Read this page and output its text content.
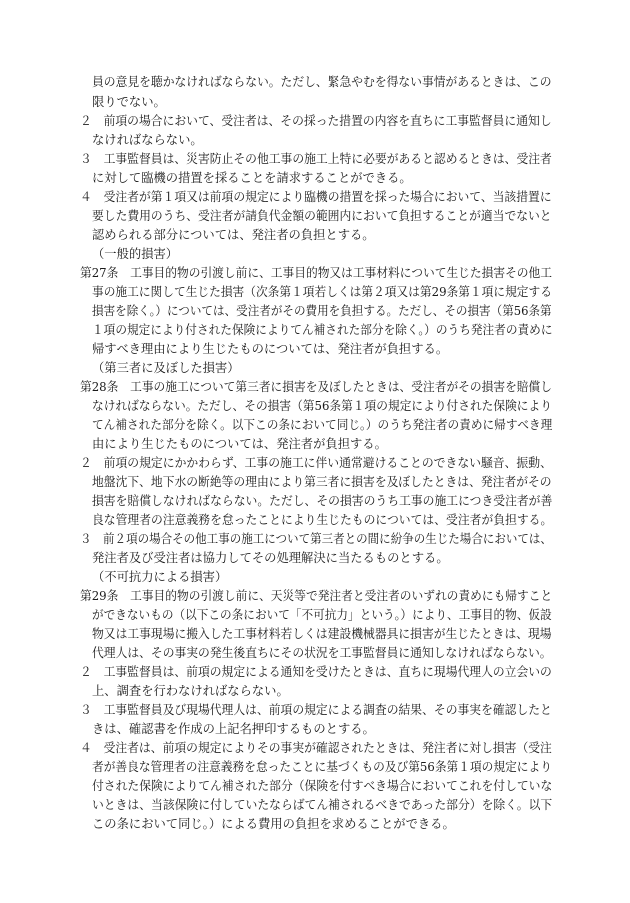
員の意見を聴かなければならない。ただし、緊急やむを得ない事情があるときは、この
限りでない。
２　前項の場合において、受注者は、その採った措置の内容を直ちに工事監督員に通知し
なければならない。
３　工事監督員は、災害防止その他工事の施工上特に必要があると認めるときは、受注者
に対して臨機の措置を採ることを請求することができる。
４　受注者が第１項又は前項の規定により臨機の措置を採った場合において、当該措置に
要した費用のうち、受注者が請負代金額の範囲内において負担することが適当でないと
認められる部分については、発注者の負担とする。
（一般的損害）
第27条　工事目的物の引渡し前に、工事目的物又は工事材料について生じた損害その他工
事の施工に関して生じた損害（次条第１項若しくは第２項又は第29条第１項に規定する
損害を除く。）については、受注者がその費用を負担する。ただし、その損害（第56条第
１項の規定により付された保険によりてん補された部分を除く。）のうち発注者の責めに
帰すべき理由により生じたものについては、発注者が負担する。
（第三者に及ぼした損害）
第28条　工事の施工について第三者に損害を及ぼしたときは、受注者がその損害を賠償し
なければならない。ただし、その損害（第56条第１項の規定により付された保険により
てん補された部分を除く。以下この条において同じ。）のうち発注者の責めに帰すべき理
由により生じたものについては、発注者が負担する。
２　前項の規定にかかわらず、工事の施工に伴い通常避けることのできない騒音、振動、
地盤沈下、地下水の断絶等の理由により第三者に損害を及ぼしたときは、発注者がその
損害を賠償しなければならない。ただし、その損害のうち工事の施工につき受注者が善
良な管理者の注意義務を怠ったことにより生じたものについては、受注者が負担する。
３　前２項の場合その他工事の施工について第三者との間に紛争の生じた場合においては、
発注者及び受注者は協力してその処理解決に当たるものとする。
（不可抗力による損害）
第29条　工事目的物の引渡し前に、天災等で発注者と受注者のいずれの責めにも帰すこと
ができないもの（以下この条において「不可抗力」という。）により、工事目的物、仮設
物又は工事現場に搬入した工事材料若しくは建設機械器具に損害が生じたときは、現場
代理人は、その事実の発生後直ちにその状況を工事監督員に通知しなければならない。
２　工事監督員は、前項の規定による通知を受けたときは、直ちに現場代理人の立会いの
上、調査を行わなければならない。
３　工事監督員及び現場代理人は、前項の規定による調査の結果、その事実を確認したと
きは、確認書を作成の上記名押印するものとする。
４　受注者は、前項の規定によりその事実が確認されたときは、発注者に対し損害（受注
者が善良な管理者の注意義務を怠ったことに基づくもの及び第56条第１項の規定により
付された保険によりてん補された部分（保険を付すべき場合においてこれを付していな
いときは、当該保険に付していたならばてん補されるべきであった部分）を除く。以下
この条において同じ。）による費用の負担を求めることができる。
